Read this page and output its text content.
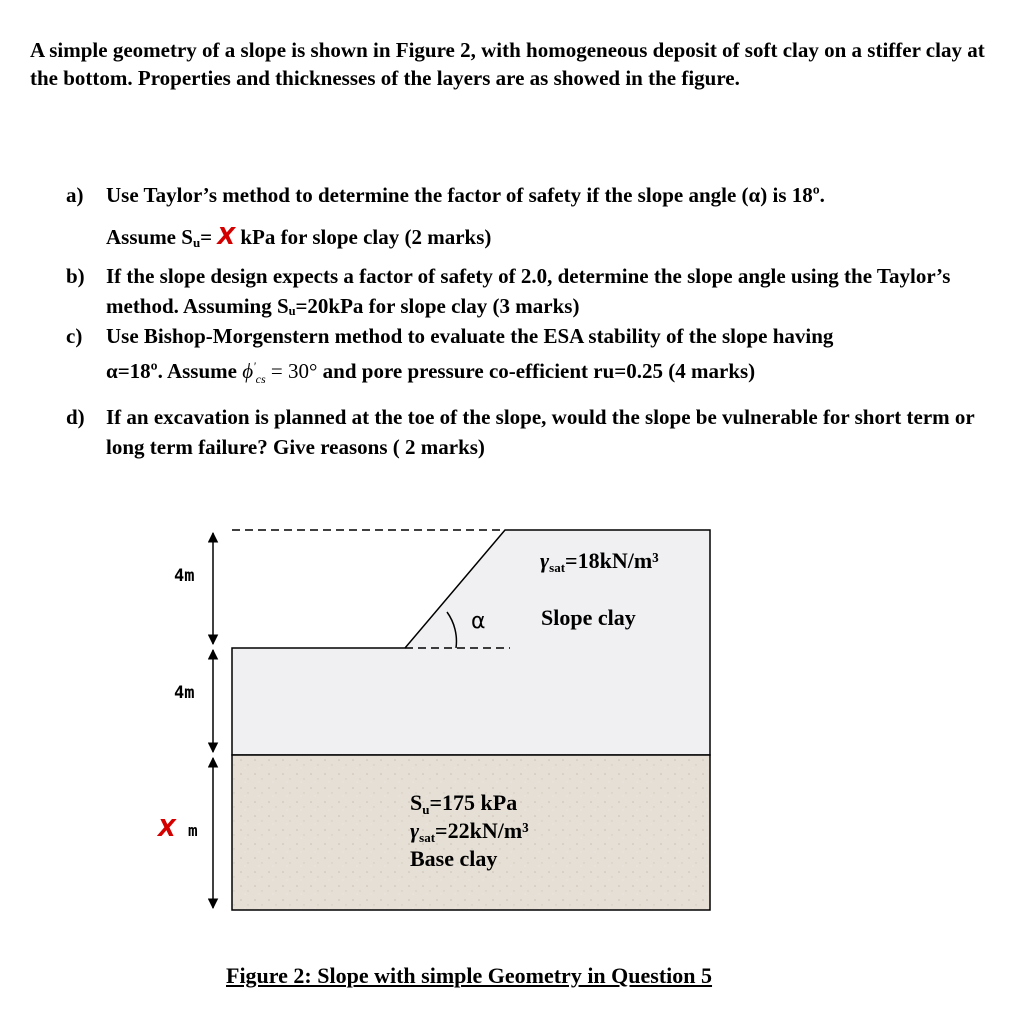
A simple geometry of a slope is shown in Figure 2, with homogeneous deposit of soft clay on a stiffer clay at the bottom. Properties and thicknesses of the layers are as showed in the figure.

a) Use Taylor’s method to determine the factor of safety if the slope angle (α) is 18º.
Assume $S_u= X$ kPa for slope clay (2 marks)
b) If the slope design expects a factor of safety of 2.0, determine the slope angle using the Taylor’s method. Assuming Sᵤ=20kPa for slope clay (3 marks)
c) Use Bishop-Morgenstern method to evaluate the ESA stability of the slope having
α=18º. Assume $\phi'_{cs} = 30^\circ$ and pore pressure co-efficient ru=0.25 (4 marks)
d) If an excavation is planned at the toe of the slope, would the slope be vulnerable for short term or long term failure? Give reasons ( 2 marks)
4m
4m
X m
α
γsat=18kN/m³
Slope clay
Su=175 kPa
γsat=22kN/m³
Base clay
Figure 2: Slope with simple Geometry in Question 5
